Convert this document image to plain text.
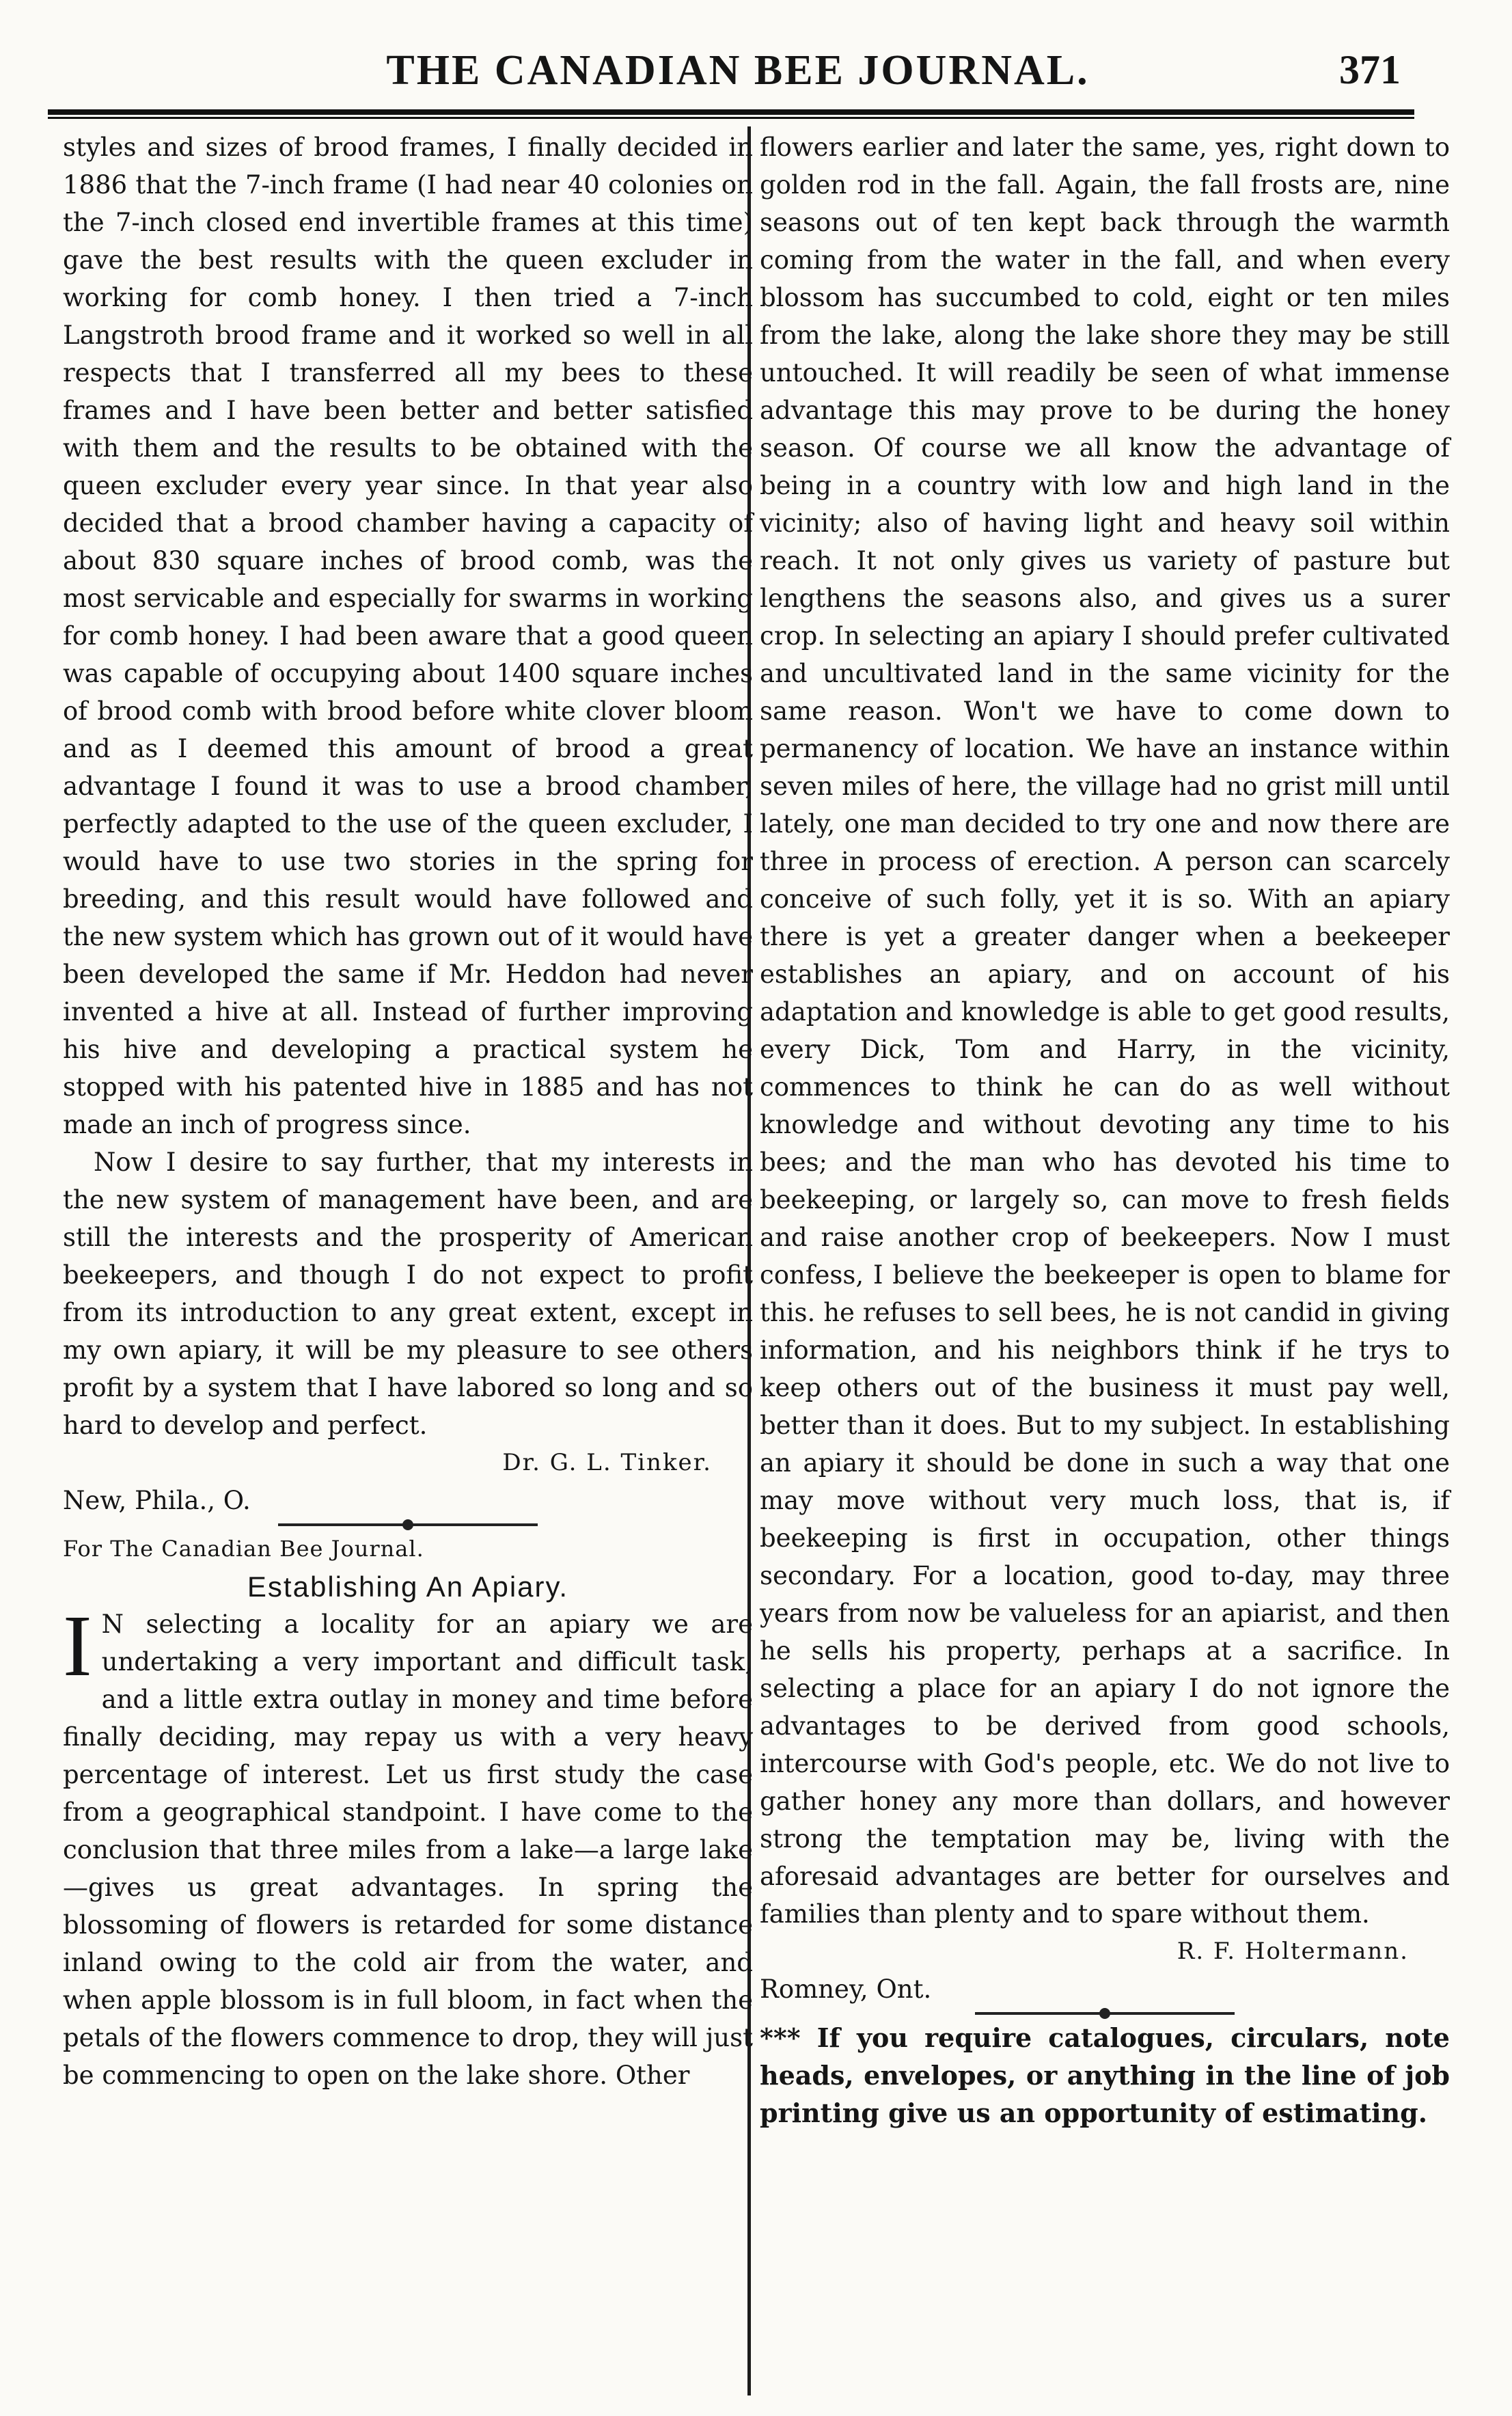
THE CANADIAN BEE JOURNAL.	371

styles and sizes of brood frames, I finally decided in 1886 that the 7-inch frame (I had near 40 colonies on the 7-inch closed end invertible frames at this time) gave the best results with the queen excluder in working for comb honey. I then tried a 7-inch Langstroth brood frame and it worked so well in all respects that I transferred all my bees to these frames and I have been better and better satisfied with them and the results to be obtained with the queen excluder every year since. In that year also decided that a brood chamber having a capacity of about 830 square inches of brood comb, was the most servicable and especially for swarms in working for comb honey. I had been aware that a good queen was capable of occupying about 1400 square inches of brood comb with brood before white clover bloom and as I deemed this amount of brood a great advantage I found it was to use a brood chamber, perfectly adapted to the use of the queen excluder, I would have to use two stories in the spring for breeding, and this result would have followed and the new system which has grown out of it would have been developed the same if Mr. Heddon had never invented a hive at all. Instead of further improving his hive and developing a practical system he stopped with his patented hive in 1885 and has not made an inch of progress since.

Now I desire to say further, that my interests in the new system of management have been, and are still the interests and the prosperity of American beekeepers, and though I do not expect to profit from its introduction to any great extent, except in my own apiary, it will be my pleasure to see others profit by a system that I have labored so long and so hard to develop and perfect.

Dr. G. L. Tinker.

New, Phila., O.

For The Canadian Bee Journal.

Establishing An Apiary.

I N selecting a locality for an apiary we are undertaking a very important and difficult task, and a little extra outlay in money and time before finally deciding, may repay us with a very heavy percentage of interest. Let us first study the case from a geographical standpoint. I have come to the conclusion that three miles from a lake—a large lake—gives us great advantages. In spring the blossoming of flowers is retarded for some distance inland owing to the cold air from the water, and when apple blossom is in full bloom, in fact when the petals of the flowers commence to drop, they will just be commencing to open on the lake shore. Other

flowers earlier and later the same, yes, right down to golden rod in the fall. Again, the fall frosts are, nine seasons out of ten kept back through the warmth coming from the water in the fall, and when every blossom has succumbed to cold, eight or ten miles from the lake, along the lake shore they may be still untouched. It will readily be seen of what immense advantage this may prove to be during the honey season. Of course we all know the advantage of being in a country with low and high land in the vicinity; also of having light and heavy soil within reach. It not only gives us variety of pasture but lengthens the seasons also, and gives us a surer crop. In selecting an apiary I should prefer cultivated and uncultivated land in the same vicinity for the same reason. Won't we have to come down to permanency of location. We have an instance within seven miles of here, the village had no grist mill until lately, one man decided to try one and now there are three in process of erection. A person can scarcely conceive of such folly, yet it is so. With an apiary there is yet a greater danger when a beekeeper establishes an apiary, and on account of his adaptation and knowledge is able to get good results, every Dick, Tom and Harry, in the vicinity, commences to think he can do as well without knowledge and without devoting any time to his bees; and the man who has devoted his time to beekeeping, or largely so, can move to fresh fields and raise another crop of beekeepers. Now I must confess, I believe the beekeeper is open to blame for this. he refuses to sell bees, he is not candid in giving information, and his neighbors think if he trys to keep others out of the business it must pay well, better than it does. But to my subject. In establishing an apiary it should be done in such a way that one may move without very much loss, that is, if beekeeping is first in occupation, other things secondary. For a location, good to-day, may three years from now be valueless for an apiarist, and then he sells his property, perhaps at a sacrifice. In selecting a place for an apiary I do not ignore the advantages to be derived from good schools, intercourse with God's people, etc. We do not live to gather honey any more than dollars, and however strong the temptation may be, living with the aforesaid advantages are better for ourselves and families than plenty and to spare without them.

R. F. Holtermann.

Romney, Ont.

*** If you require catalogues, circulars, note heads, envelopes, or anything in the line of job printing give us an opportunity of estimating.
